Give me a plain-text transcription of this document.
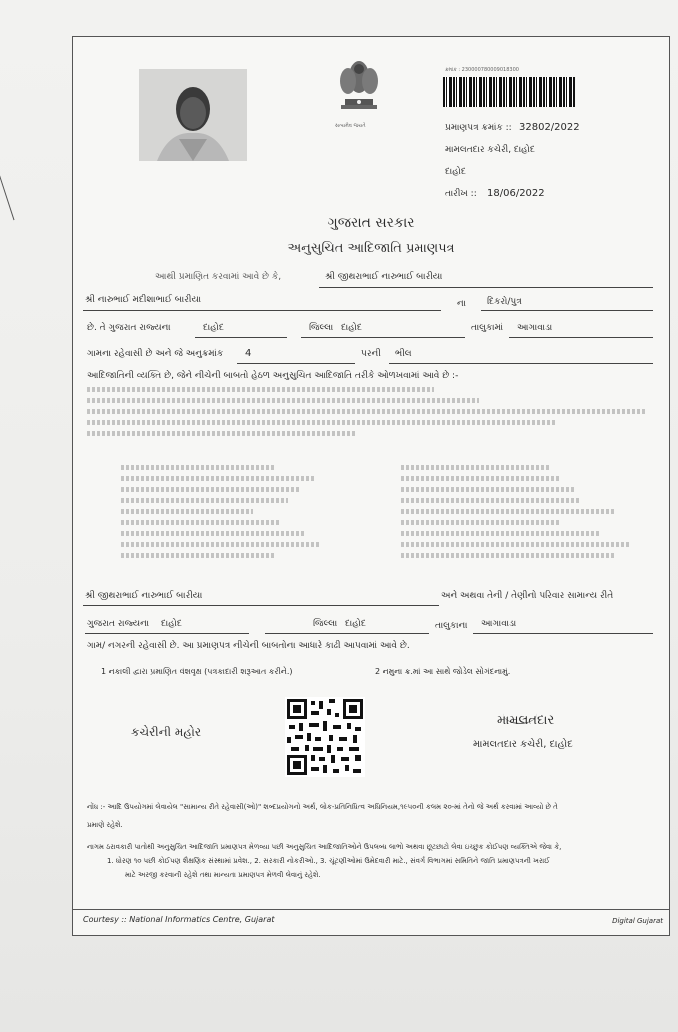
સત્યમેવ જયતે
ક્રમાંક : 230000780009018300
પ્રમાણપત્ર ક્રમાંક :: 32802/2022
મામલતદાર કચેરી, દાહોદ
દાહોદ
તારીખ :: 18/06/2022
ગુજરાત સરકાર
અનુસુચિત આદિજાતિ પ્રમાણપત્ર
આથી પ્રમાણિત કરવામાં આવે છે કે,	શ્રી જીથરાભાઈ નારુભાઈ બારીયા
શ્રી નારુભાઈ મદીશાભાઈ બારીયા	ના દિકરો/પુત્ર
છે. તે ગુજરાત રાજ્યના	દાહોદ	જિલ્લા દાહોદ	તાલુકામાં આગાવાડા
ગામના રહેવાસી છે અને જે અનુક્રમાંક 4	પરની ભીલ
આદિજાતિની વ્યક્તિ છે, જેને નીચેની બાબતો હેઠળ અનુસુચિત આદિજાતિ તરીકે ઓળખવામાં આવે છે :-
શ્રી જીથરાભાઈ નારુભાઈ બારીયા	અને અથવા તેની / તેણીનો પરિવાર સામાન્ય રીતે
ગુજરાત રાજ્યના દાહોદ	જિલ્લા દાહોદ	તાલુકાના આગાવાડા
ગામ/ નગરની રહેવાસી છે. આ પ્રમાણપત્ર નીચેની બાબતોના આધારે કાઢી આપવામાં આવે છે.
1 નકાલી દ્વારા પ્રમાણિત વંશવૃક્ષ (પત્રકાદારી શરૂઆત કરીને.)	2 નમુના ક્ર.માં આ સાથે જોડેલ સોગંદનામું.
કચેરીની મહોર
મામલતદાર
મામલતદાર કચેરી, દાહોદ
નોંધ :- આદિ ઉપયોગમાં લેવાયેલ "સામાન્ય રીતે રહેવાસી(ઓ)" શબ્દપ્રયોગનો અર્થ, લોક-પ્રતિનિધિત્વ અધિનિયમ,૧૯૫૦ની કલમ ૨૦-માં તેનો જે અર્થ કરવામાં આવ્યો છે તે
પ્રમાણે રહેશે.
નાગમ ઠરાવકારી પાતોથી અનુસુચિત આદિજાતિ પ્રમાણપત્ર મેળવ્યા પછી અનુસુચિત આદિજાતિઓને ઉપલબ્ધ લાભો અથવા છૂટછાટો લેવા ઇચ્છુક કોઈપણ વ્યક્તિએ જેવા કે,
1. ધોરણ ૧૦ પછી કોઈપણ શૈક્ષણિક સંસ્થામાં પ્રવેશ., 2. સરકારી નોકરીઓ., 3. ચૂંટણીઓમાં ઉમેદવારી માટે., સંવર્ગ વિભાગમાં સમિતિને જાતિ પ્રમાણપત્રની ખરાઈ
માટે અરજી કરવાની રહેશે તથા માન્યતા પ્રમાણપત્ર મેળવી લેવાનું રહેશે.
Courtesy :: National Informatics Centre, Gujarat	Digital Gujarat
